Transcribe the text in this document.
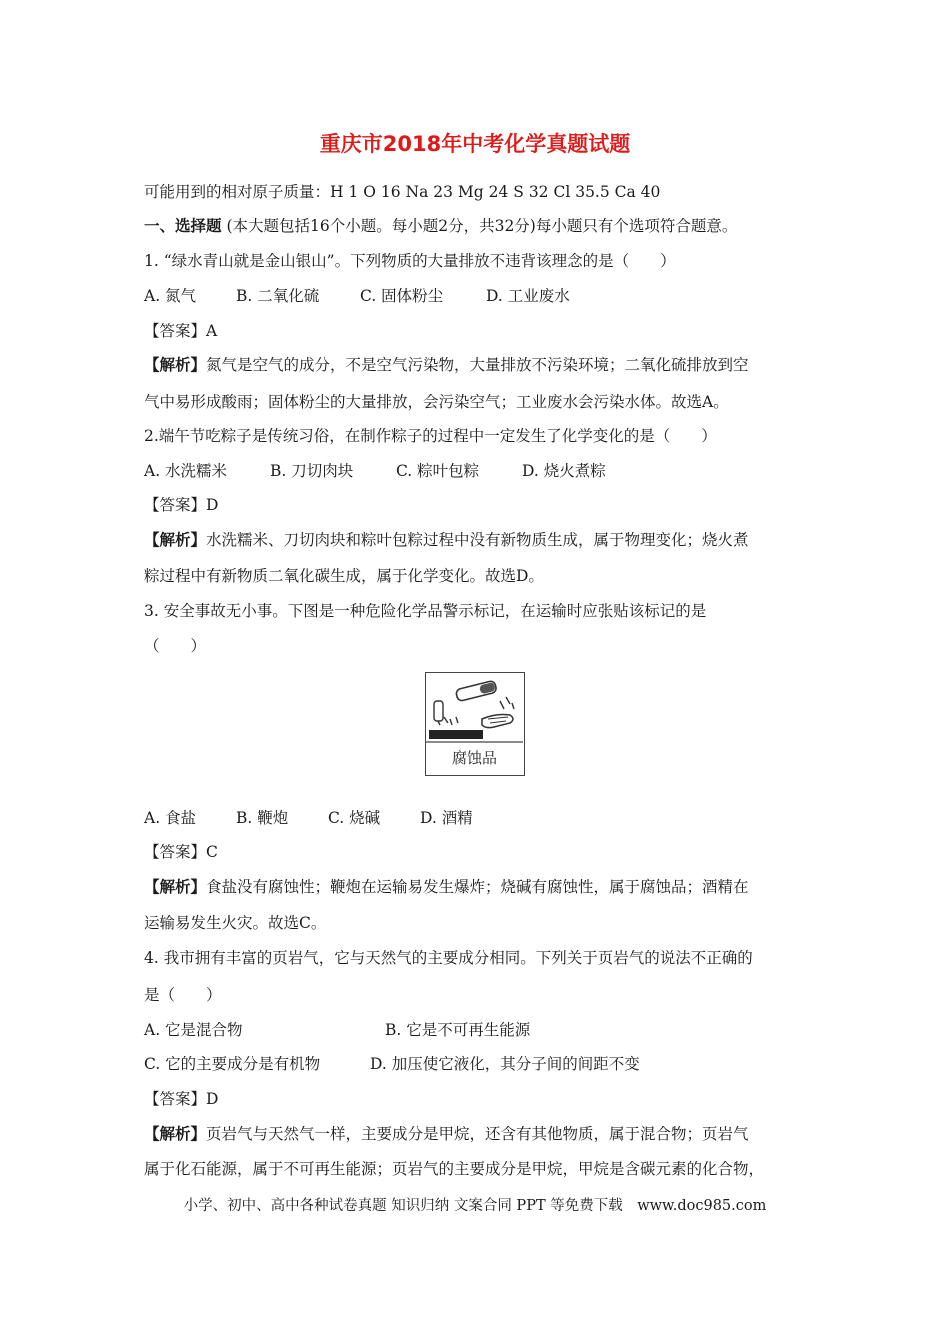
重庆市2018年中考化学真题试题
可能用到的相对原子质量：H 1 O 16 Na 23 Mg 24 S 32 Cl 35.5 Ca 40
一、选择题 (本大题包括16个小题。每小题2分，共32分)每小题只有个选项符合题意。
1. “绿水青山就是金山银山”。下列物质的大量排放不违背该理念的是（　　）
A. 氮气	B. 二氧化硫	C. 固体粉尘	D. 工业废水
【答案】A
【解析】氮气是空气的成分，不是空气污染物，大量排放不污染环境；二氧化硫排放到空
气中易形成酸雨；固体粉尘的大量排放，会污染空气；工业废水会污染水体。故选A。
2.端午节吃粽子是传统习俗，在制作粽子的过程中一定发生了化学变化的是（　　）
A. 水洗糯米	B. 刀切肉块	C. 粽叶包粽	D. 烧火煮粽
【答案】D
【解析】水洗糯米、刀切肉块和粽叶包粽过程中没有新物质生成，属于物理变化；烧火煮
粽过程中有新物质二氧化碳生成，属于化学变化。故选D。
3. 安全事故无小事。下图是一种危险化学品警示标记，在运输时应张贴该标记的是
（　　）
腐蚀品
A. 食盐	B. 鞭炮	C. 烧碱	D. 酒精
【答案】C
【解析】食盐没有腐蚀性；鞭炮在运输易发生爆炸；烧碱有腐蚀性，属于腐蚀品；酒精在
运输易发生火灾。故选C。
4. 我市拥有丰富的页岩气，它与天然气的主要成分相同。下列关于页岩气的说法不正确的
是（　　）
A. 它是混合物	B. 它是不可再生能源
C. 它的主要成分是有机物	D. 加压使它液化，其分子间的间距不变
【答案】D
【解析】页岩气与天然气一样，主要成分是甲烷，还含有其他物质，属于混合物；页岩气
属于化石能源，属于不可再生能源；页岩气的主要成分是甲烷，甲烷是含碳元素的化合物，
小学、初中、高中各种试卷真题 知识归纳 文案合同 PPT 等免费下载　www.doc985.com
